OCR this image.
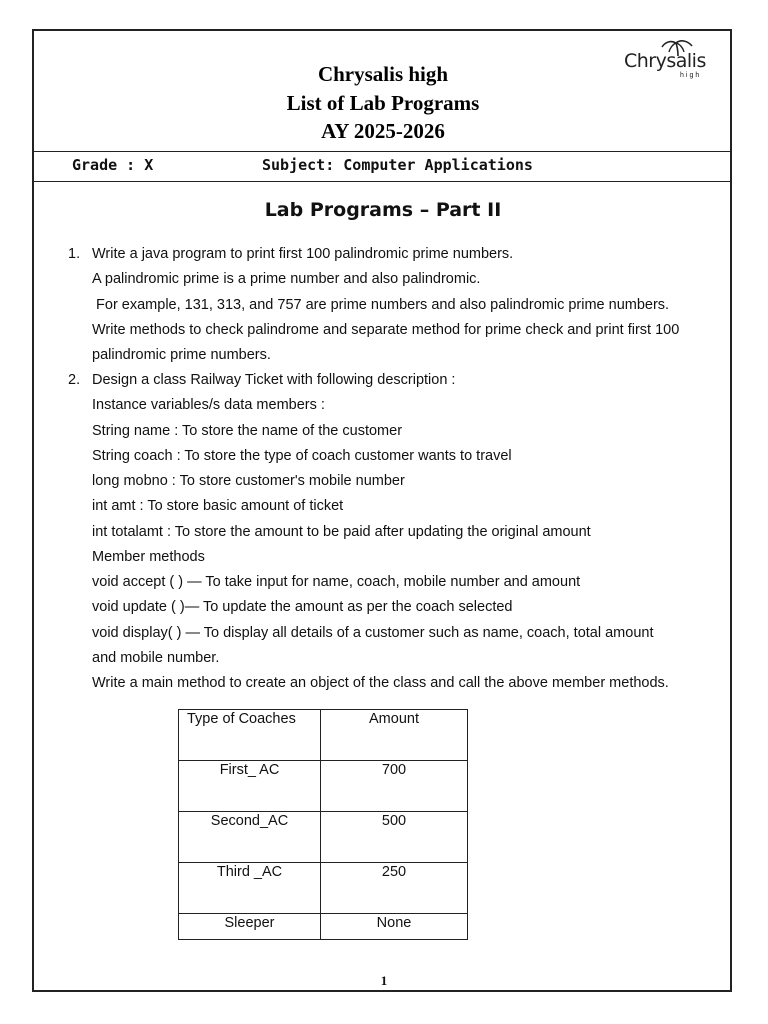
Chrysalis high
List of Lab Programs
AY 2025-2026
Chrysalis
high
Grade : X	Subject: Computer Applications
Lab Programs – Part II
1. Write a java program to print first 100 palindromic prime numbers.
A palindromic prime is a prime number and also palindromic.
For example, 131, 313, and 757 are prime numbers and also palindromic prime numbers.
Write methods to check palindrome and separate method for prime check and print first 100
palindromic prime numbers.
2. Design a class Railway Ticket with following description :
Instance variables/s data members :
String name : To store the name of the customer
String coach : To store the type of coach customer wants to travel
long mobno : To store customer's mobile number
int amt : To store basic amount of ticket
int totalamt : To store the amount to be paid after updating the original amount
Member methods
void accept ( ) — To take input for name, coach, mobile number and amount
void update ( )— To update the amount as per the coach selected
void display( ) — To display all details of a customer such as name, coach, total amount
and mobile number.
Write a main method to create an object of the class and call the above member methods.
Type of Coaches	Amount
First_ AC	700
Second_AC	500
Third _AC	250
Sleeper	None
1
